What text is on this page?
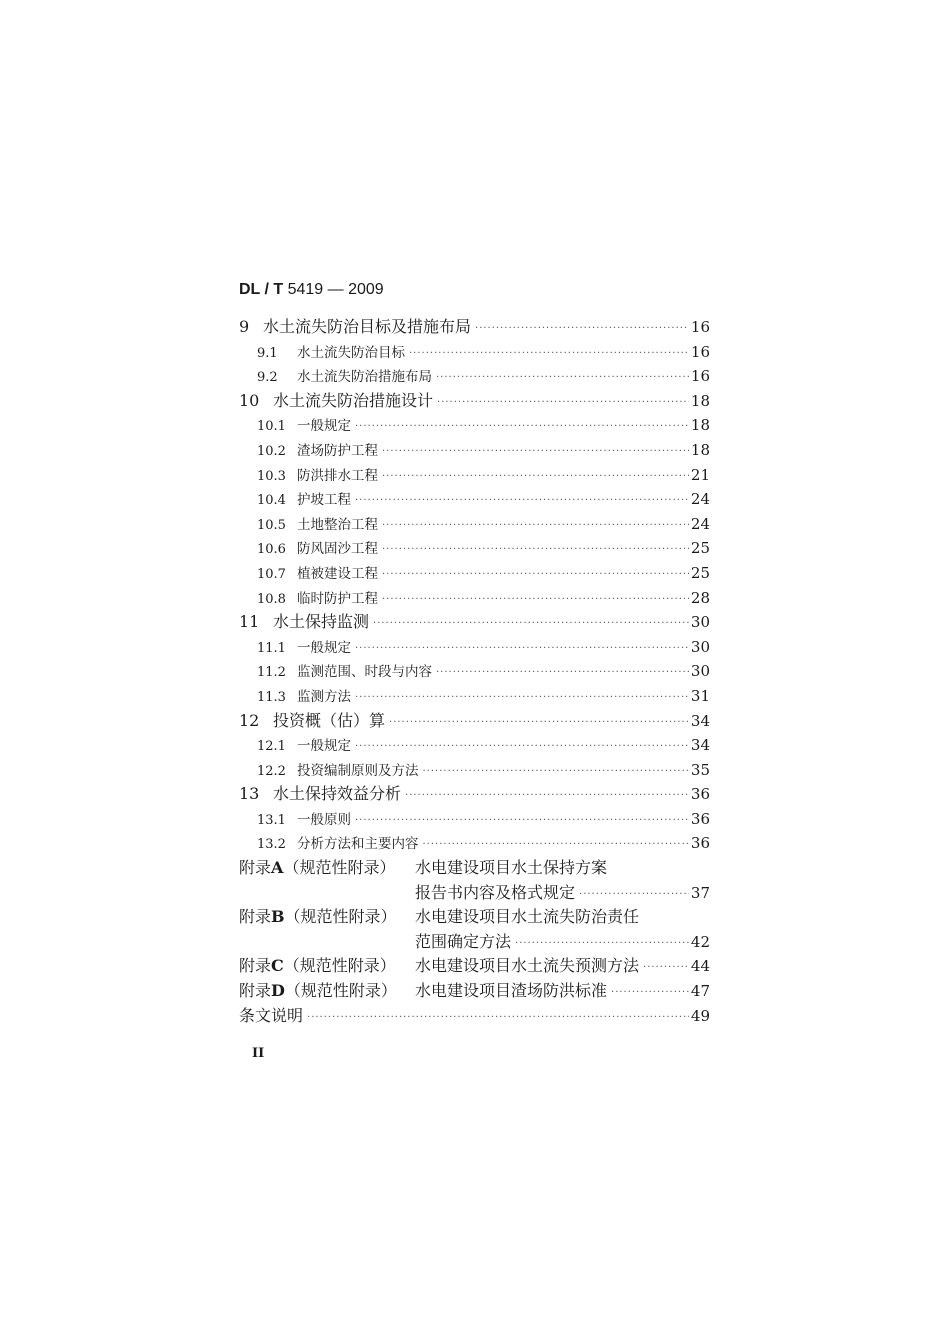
DL / T 5419 — 2009
9 水土流失防治目标及措施布局 ·····	16
9.1	水土流失防治目标 ·····	16
9.2	水土流失防治措施布局 ·····	16
10 水土流失防治措施设计 ·····	18
10.1 一般规定 ·····	18
10.2 渣场防护工程 ·····	18
10.3 防洪排水工程 ·····	21
10.4 护坡工程 ·····	24
10.5 土地整治工程 ·····	24
10.6 防风固沙工程 ·····	25
10.7 植被建设工程 ·····	25
10.8 临时防护工程 ·····	28
11 水土保持监测 ·····	30
11.1 一般规定 ·····	30
11.2 监测范围、时段与内容 ·····	30
11.3 监测方法 ·····	31
12 投资概（估）算 ·····	34
12.1 一般规定 ·····	34
12.2 投资编制原则及方法 ·····	35
13 水土保持效益分析 ·····	36
13.1 一般原则 ·····	36
13.2 分析方法和主要内容 ·····	36
附录A（规范性附录）	水电建设项目水土保持方案
报告书内容及格式规定 ·····	37
附录B（规范性附录）	水电建设项目水土流失防治责任
范围确定方法 ·····	42
附录C（规范性附录）	水电建设项目水土流失预测方法 ·····	44
附录D（规范性附录）	水电建设项目渣场防洪标准 ·····	47
条文说明 ·····	49
II
